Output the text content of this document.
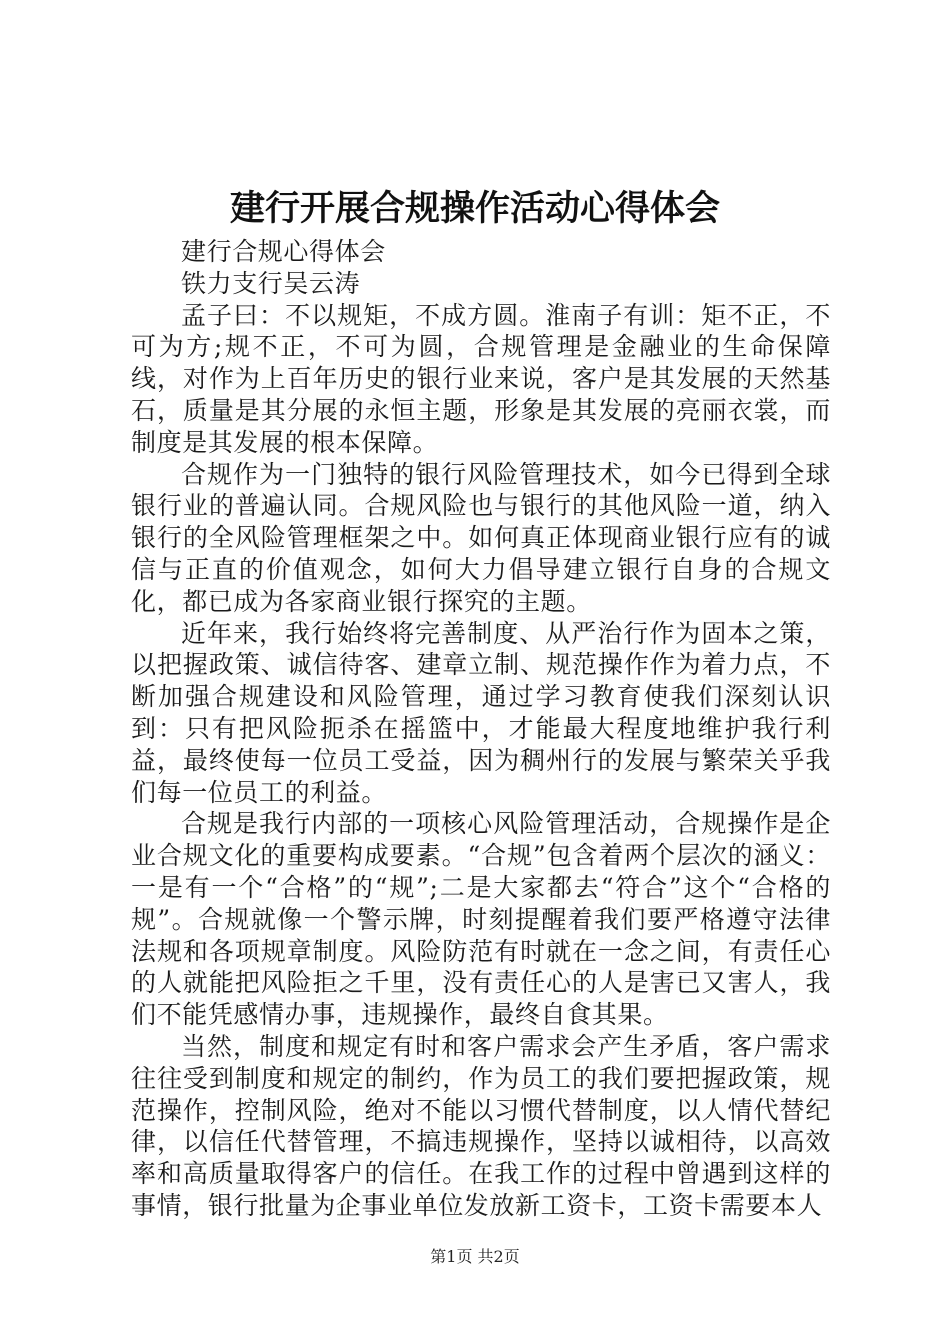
建行开展合规操作活动心得体会

建行合规心得体会

铁力支行吴云涛

孟子曰：不以规矩，不成方圆。淮南子有训：矩不正，不可为方;规不正，不可为圆，合规管理是金融业的生命保障线，对作为上百年历史的银行业来说，客户是其发展的天然基石，质量是其分展的永恒主题，形象是其发展的亮丽衣裳，而制度是其发展的根本保障。

合规作为一门独特的银行风险管理技术，如今已得到全球银行业的普遍认同。合规风险也与银行的其他风险一道，纳入银行的全风险管理框架之中。如何真正体现商业银行应有的诚信与正直的价值观念，如何大力倡导建立银行自身的合规文化，都已成为各家商业银行探究的主题。

近年来，我行始终将完善制度、从严治行作为固本之策，以把握政策、诚信待客、建章立制、规范操作作为着力点，不断加强合规建设和风险管理，通过学习教育使我们深刻认识到：只有把风险扼杀在摇篮中，才能最大程度地维护我行利益，最终使每一位员工受益，因为稠州行的发展与繁荣关乎我们每一位员工的利益。

合规是我行内部的一项核心风险管理活动，合规操作是企业合规文化的重要构成要素。“合规”包含着两个层次的涵义：一是有一个“合格”的“规”;二是大家都去“符合”这个“合格的规”。合规就像一个警示牌，时刻提醒着我们要严格遵守法律法规和各项规章制度。风险防范有时就在一念之间，有责任心的人就能把风险拒之千里，没有责任心的人是害已又害人，我们不能凭感情办事，违规操作，最终自食其果。

当然，制度和规定有时和客户需求会产生矛盾，客户需求往往受到制度和规定的制约，作为员工的我们要把握政策，规范操作，控制风险，绝对不能以习惯代替制度，以人情代替纪律，以信任代替管理，不搞违规操作，坚持以诚相待，以高效率和高质量取得客户的信任。在我工作的过程中曾遇到这样的事情，银行批量为企事业单位发放新工资卡，工资卡需要本人

第1页 共2页
